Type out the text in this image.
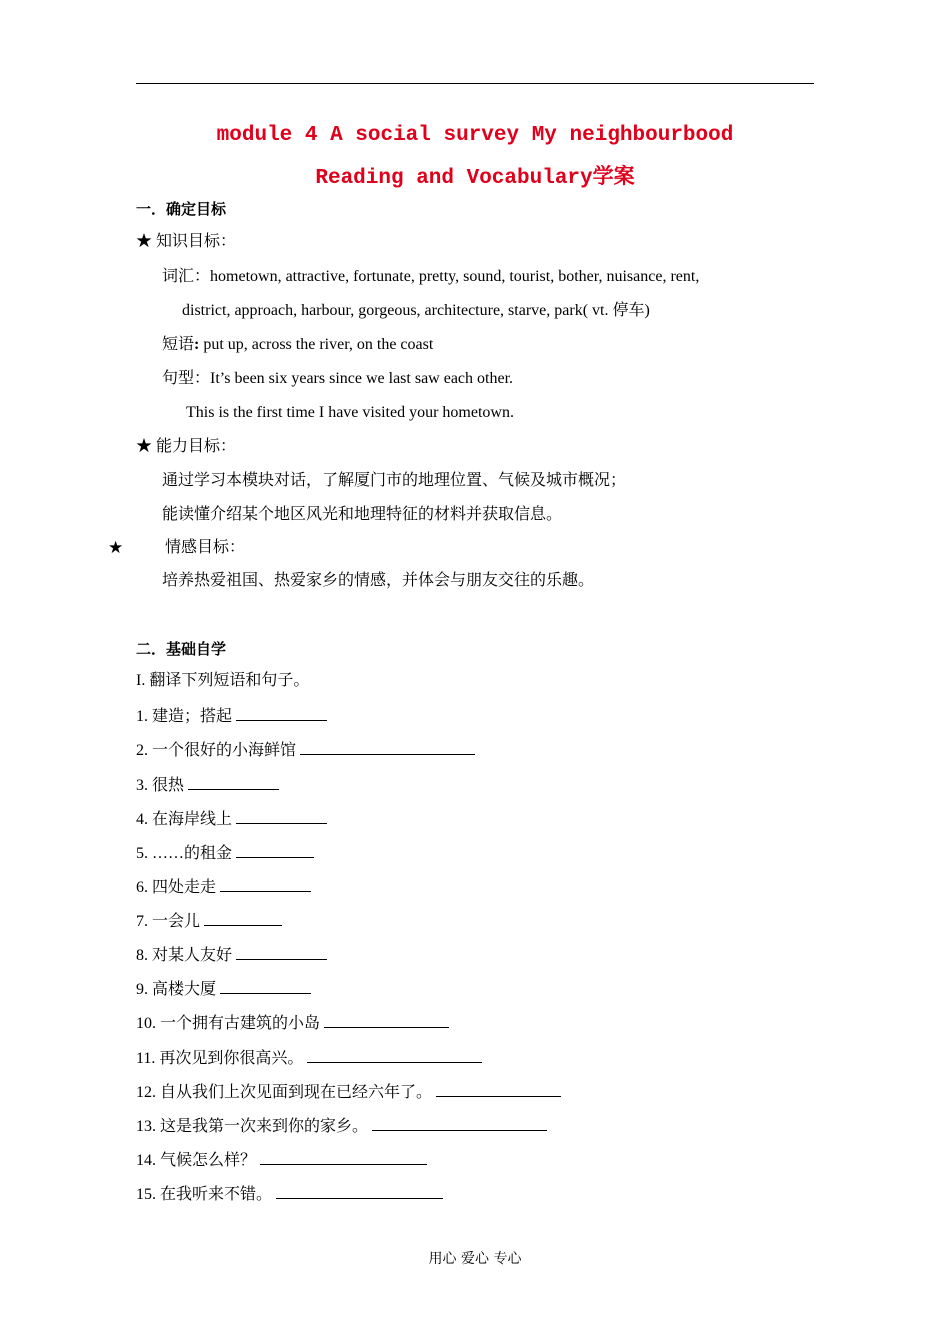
module 4 A social survey My neighbourbood
Reading and Vocabulary学案
一．确定目标
★ 知识目标：
词汇：hometown, attractive, fortunate, pretty, sound, tourist, bother, nuisance, rent,
district, approach, harbour, gorgeous, architecture, starve, park( vt. 停车)
短语: put up, across the river, on the coast
句型：It’s been six years since we last saw each other.
This is the first time I have visited your hometown.
★ 能力目标：
通过学习本模块对话，了解厦门市的地理位置、气候及城市概况；
能读懂介绍某个地区风光和地理特征的材料并获取信息。
★	情感目标：
培养热爱祖国、热爱家乡的情感，并体会与朋友交往的乐趣。
二．基础自学
I. 翻译下列短语和句子。
1. 建造；搭起
2. 一个很好的小海鲜馆
3. 很热
4. 在海岸线上
5. ……的租金
6. 四处走走
7. 一会儿
8. 对某人友好
9. 高楼大厦
10. 一个拥有古建筑的小岛
11. 再次见到你很高兴。
12. 自从我们上次见面到现在已经六年了。
13. 这是我第一次来到你的家乡。
14. 气候怎么样？
15. 在我听来不错。
用心 爱心 专心
